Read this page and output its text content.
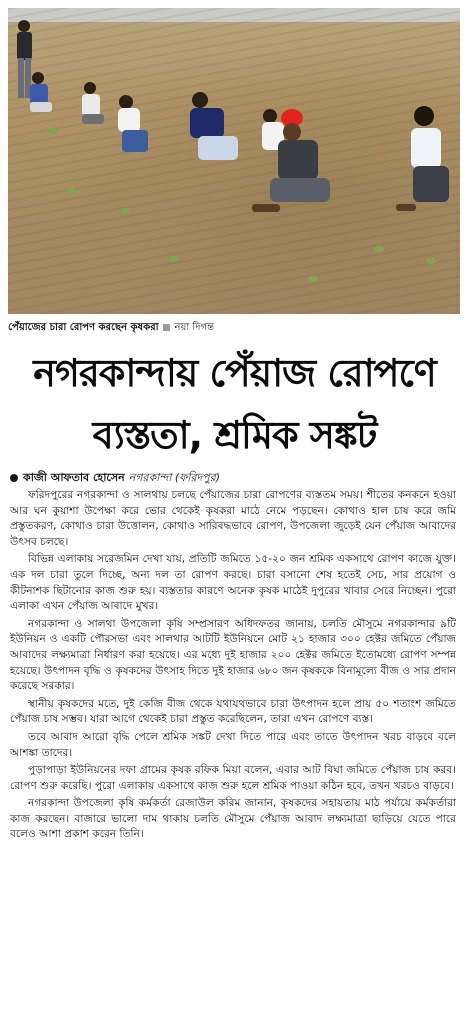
পেঁয়াজের চারা রোপণ করছেন কৃষকরা নয়া দিগন্ত
নগরকান্দায় পেঁয়াজ রোপণে
ব্যস্ততা, শ্রমিক সঙ্কট
কাজী আফতাব হোসেন নগরকান্দা (ফরিদপুর)

ফরিদপুরের নগরকান্দা ও সালথায় চলছে পেঁয়াজের চারা রোপণের ব্যস্ততম সময়। শীতের কনকনে হওয়া আর ঘন কুয়াশা উপেক্ষা করে ভোর থেকেই কৃষকরা মাঠে নেমে পড়ছেন। কোথাও হাল চাষ করে জমি প্রস্তুতকরণ, কোথাও চারা উত্তোলন, কোথাও সারিবদ্ধভাবে রোপণ, উপজেলা জুড়েই যেন পেঁয়াজ আবাদের উৎসব চলছে।

বিভিন্ন এলাকায় সরেজমিন দেখা যায়, প্রতিটি জমিতে ১৫-২০ জন শ্রমিক একসাথে রোপণ কাজে যুক্ত। এক দল চারা তুলে দিচ্ছে, অন্য দল তা রোপণ করছে। চারা বসানো শেষ হতেই সেচ, সার প্রয়োগ ও কীটনাশক ছিটানোর কাজ শুরু হয়। ব্যস্ততার কারণে অনেক কৃষক মাঠেই দুপুরের খাবার সেরে নিচ্ছেন। পুরো এলাকা এখন পেঁয়াজ আবাদে মুখর।

নগরকান্দা ও সালথা উপজেলা কৃষি সম্প্রসারণ অধিদফতর জানায়, চলতি মৌসুমে নগরকান্দার ৯টি ইউনিয়ন ও একটি পৌরসভা এবং সালথার আটটি ইউনিয়নে মোট ২১ হাজার ৩০০ হেক্টর জমিতে পেঁয়াজ আবাদের লক্ষ্যমাত্রা নির্ধারণ করা হয়েছে। এর মধ্যে দুই হাজার ২০০ হেক্টর জমিতে ইতোমধ্যে রোপণ সম্পন্ন হয়েছে। উৎপাদন বৃদ্ধি ও কৃষকদের উৎসাহ দিতে দুই হাজার ৬৮০ জন কৃষককে বিনামূল্যে বীজ ও সার প্রদান করেছে সরকার।

স্থানীয় কৃষকদের মতে, দুই কেজি বীজ থেকে যথাযথভাবে চারা উৎপাদন হলে প্রায় ৫০ শতাংশ জমিতে পেঁয়াজ চাষ সম্ভব। যারা আগে থেকেই চারা প্রস্তুত করেছিলেন, তারা এখন রোপণে ব্যস্ত।

তবে আবাদ আরো বৃদ্ধি পেলে শ্রমিক সঙ্কট দেখা দিতে পারে এবং তাতে উৎপাদন খরচ বাড়বে বলে আশঙ্কা তাদের।

পুড়াপাড়া ইউনিয়নের দফা গ্রামের কৃষক রফিক মিয়া বলেন, এবার আট বিঘা জমিতে পেঁয়াজ চাষ করব। রোপণ শুরু করেছি। পুরো এলাকায় একসাথে কাজ শুরু হলে শ্রমিক পাওয়া কঠিন হবে, তখন খরচও বাড়বে।

নগরকান্দা উপজেলা কৃষি কর্মকর্তা রেজাউল করিম জানান, কৃষকদের সহায়তায় মাঠ পর্যায়ে কর্মকর্তারা কাজ করছেন। বাজারে ভালো দাম থাকায় চলতি মৌসুমে পেঁয়াজ আবাদ লক্ষ্যমাত্রা ছাড়িয়ে যেতে পারে বলেও আশা প্রকাশ করেন তিনি।
